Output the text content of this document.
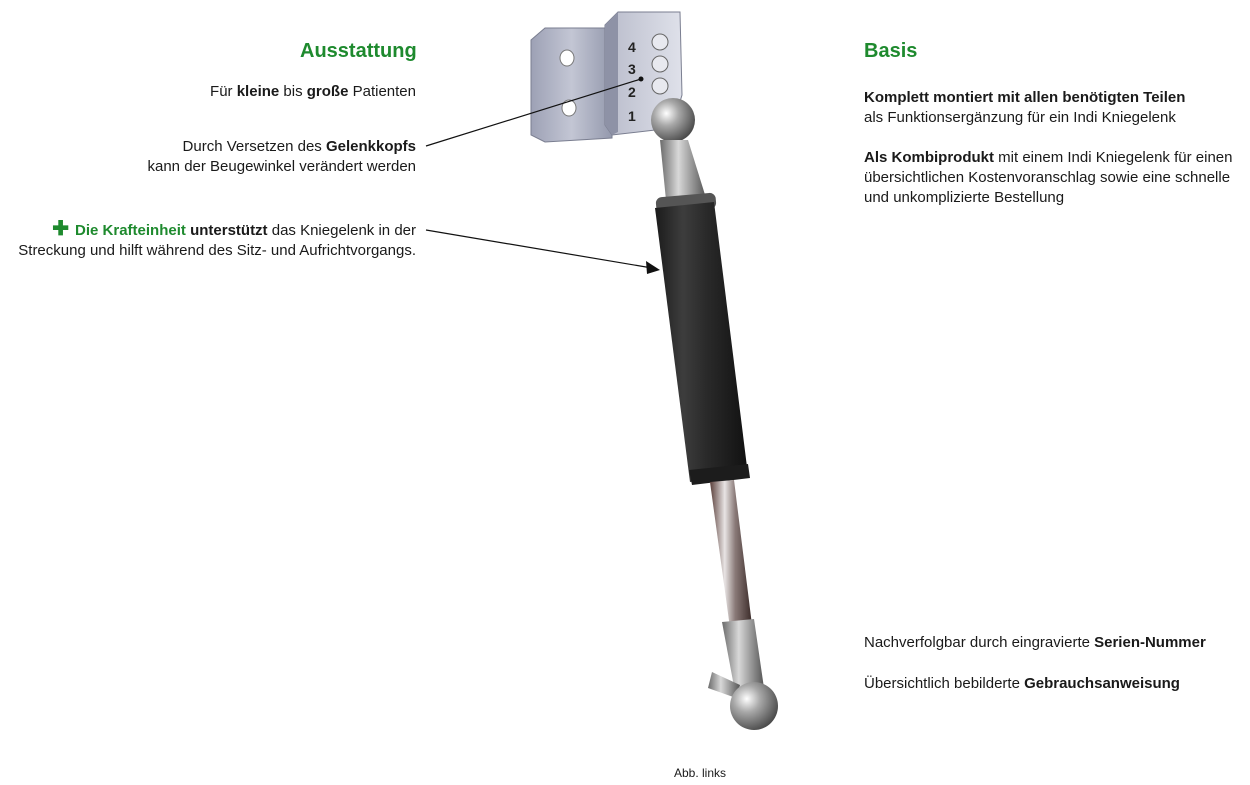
4
3
2
1
Ausstattung
Für kleine bis große Patienten
Durch Versetzen des Gelenkkopfs
kann der Beugewinkel verändert werden
✚ Die Krafteinheit unterstützt das Kniegelenk in der
Streckung und hilft während des Sitz- und Aufrichtvorgangs.
Basis
Komplett montiert mit allen benötigten Teilen
als Funktionsergänzung für ein Indi Kniegelenk
Als Kombiprodukt mit einem Indi Kniegelenk für einen
übersichtlichen Kostenvoranschlag sowie eine schnelle
und unkomplizierte Bestellung
Nachverfolgbar durch eingravierte Serien-Nummer
Übersichtlich bebilderte Gebrauchsanweisung
Abb. links
